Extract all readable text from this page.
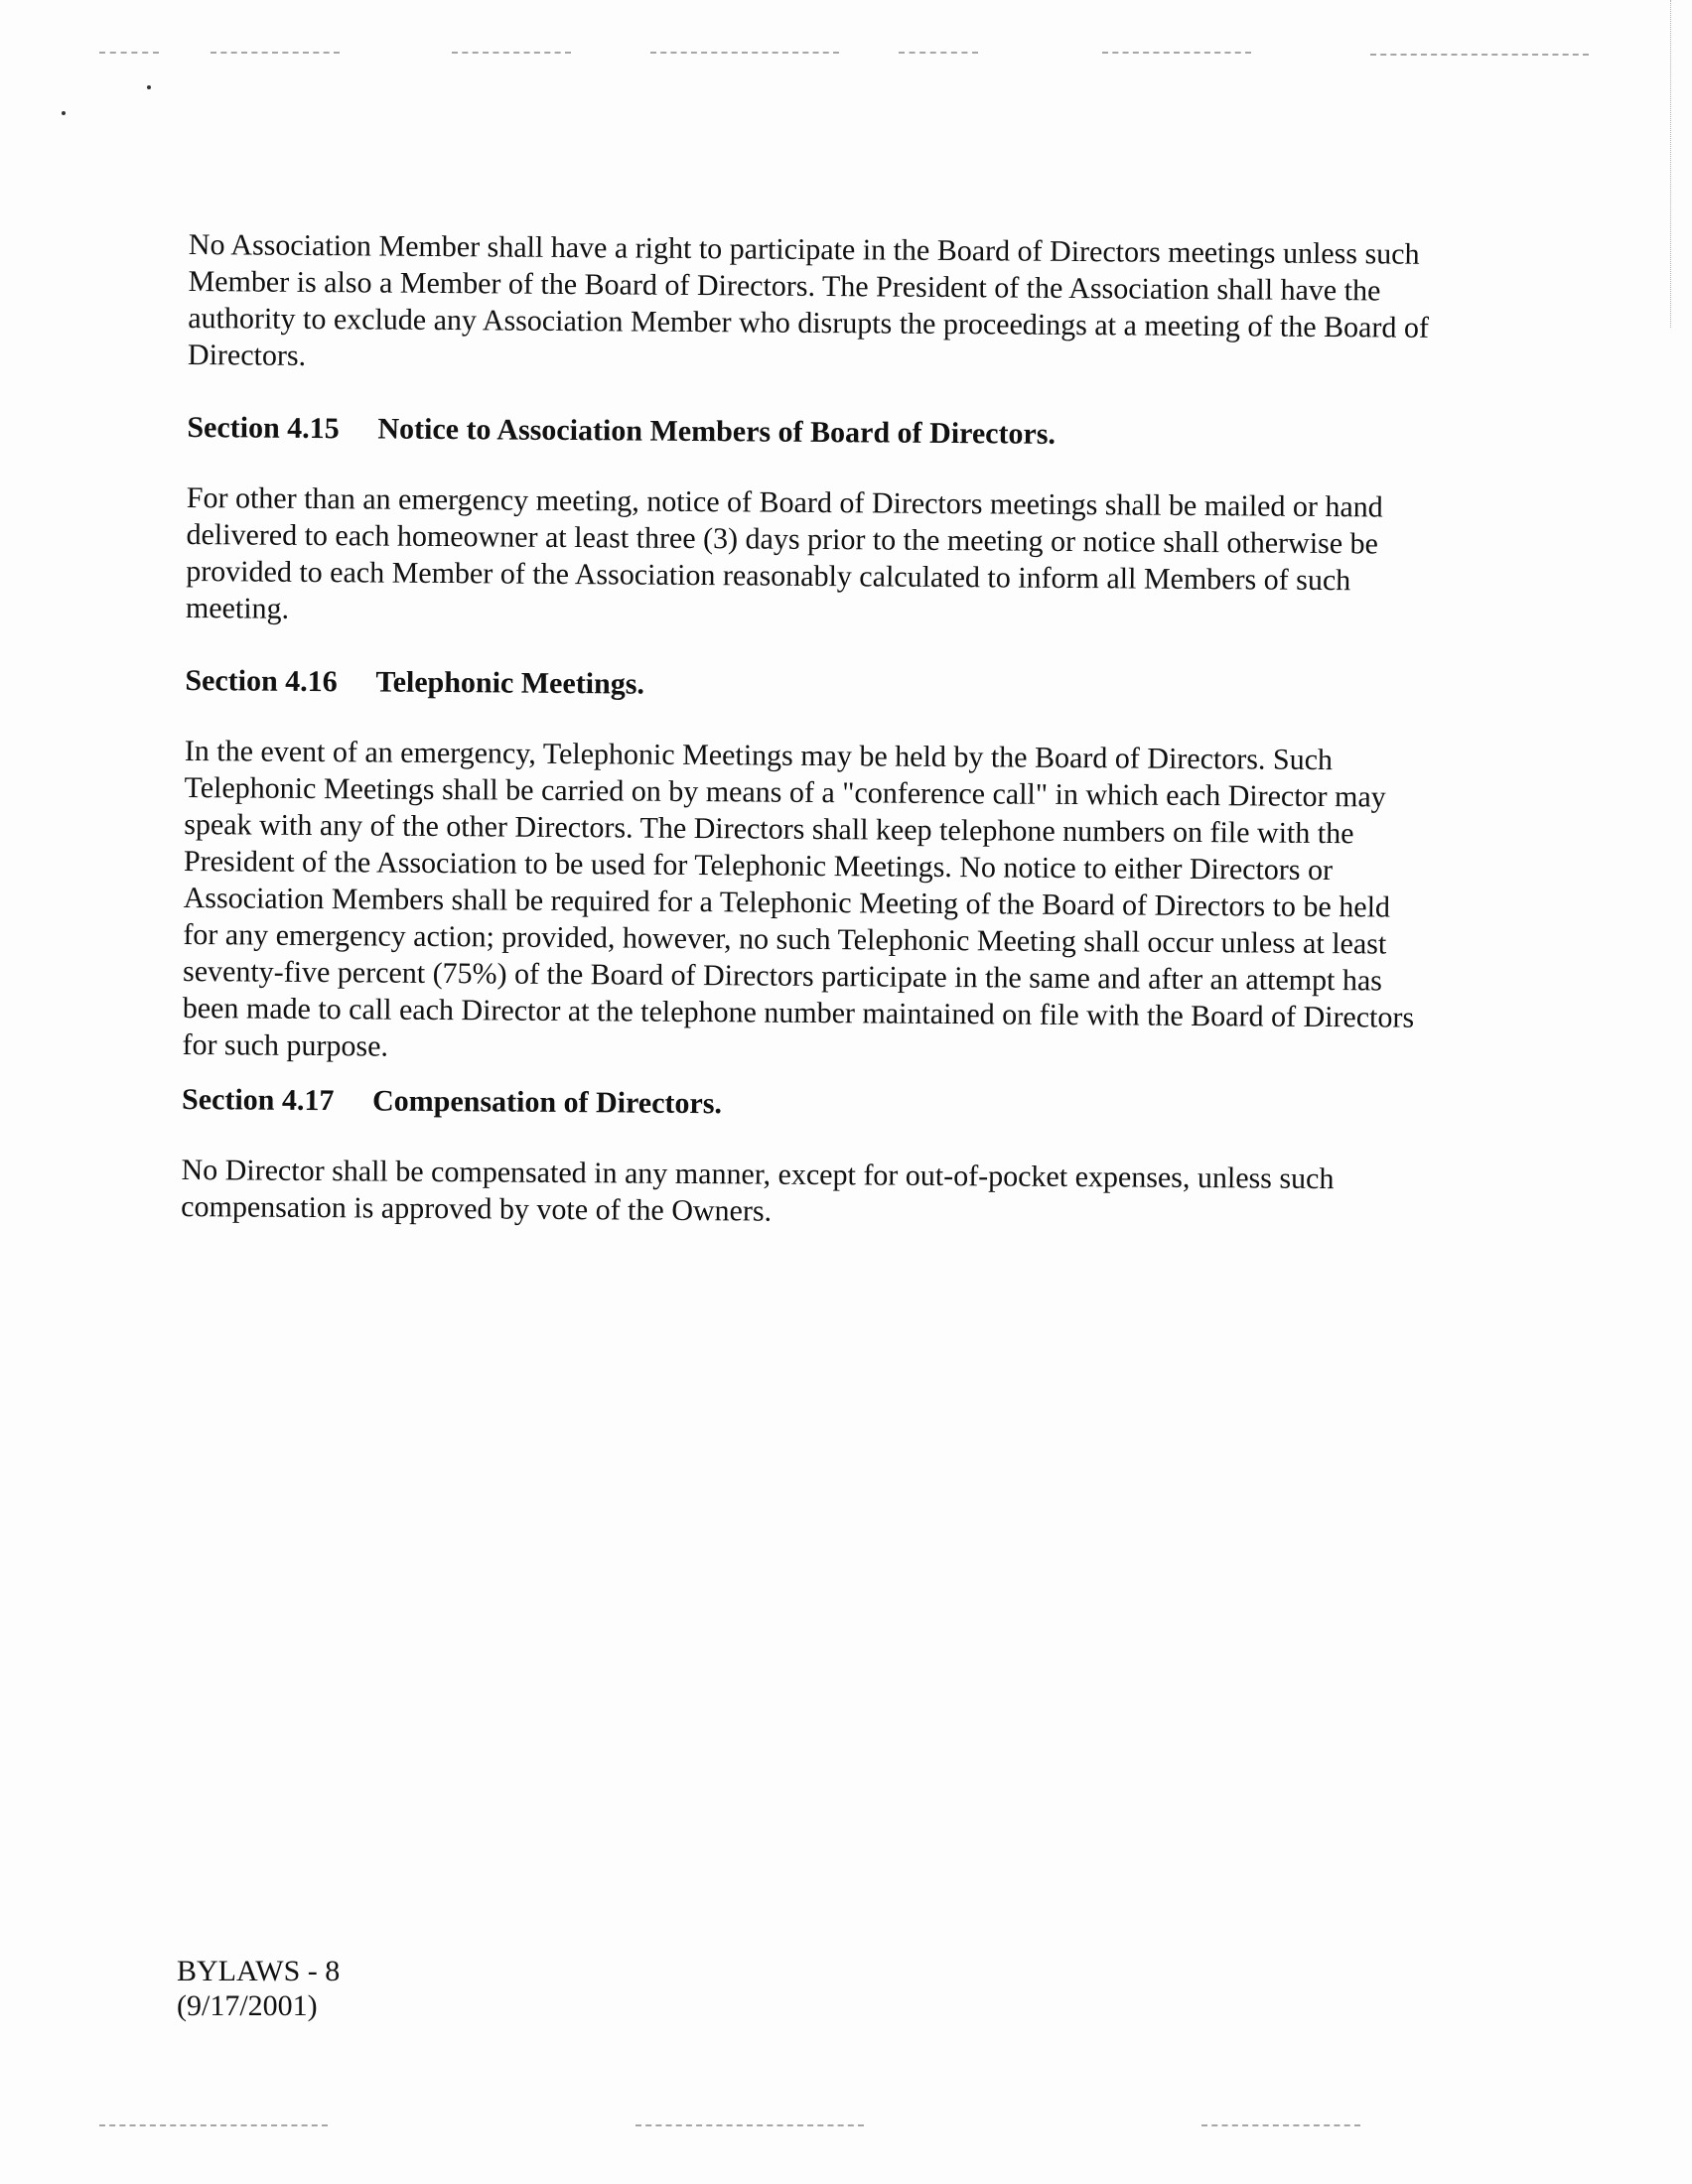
No Association Member shall have a right to participate in the Board of Directors meetings unless such Member is also a Member of the Board of Directors. The President of the Association shall have the authority to exclude any Association Member who disrupts the proceedings at a meeting of the Board of Directors.

Section 4.15 Notice to Association Members of Board of Directors.

For other than an emergency meeting, notice of Board of Directors meetings shall be mailed or hand delivered to each homeowner at least three (3) days prior to the meeting or notice shall otherwise be provided to each Member of the Association reasonably calculated to inform all Members of such meeting.

Section 4.16 Telephonic Meetings.

In the event of an emergency, Telephonic Meetings may be held by the Board of Directors. Such Telephonic Meetings shall be carried on by means of a "conference call" in which each Director may speak with any of the other Directors. The Directors shall keep telephone numbers on file with the President of the Association to be used for Telephonic Meetings. No notice to either Directors or Association Members shall be required for a Telephonic Meeting of the Board of Directors to be held for any emergency action; provided, however, no such Telephonic Meeting shall occur unless at least seventy-five percent (75%) of the Board of Directors participate in the same and after an attempt has been made to call each Director at the telephone number maintained on file with the Board of Directors for such purpose.

Section 4.17 Compensation of Directors.

No Director shall be compensated in any manner, except for out-of-pocket expenses, unless such compensation is approved by vote of the Owners.

BYLAWS - 8
(9/17/2001)
